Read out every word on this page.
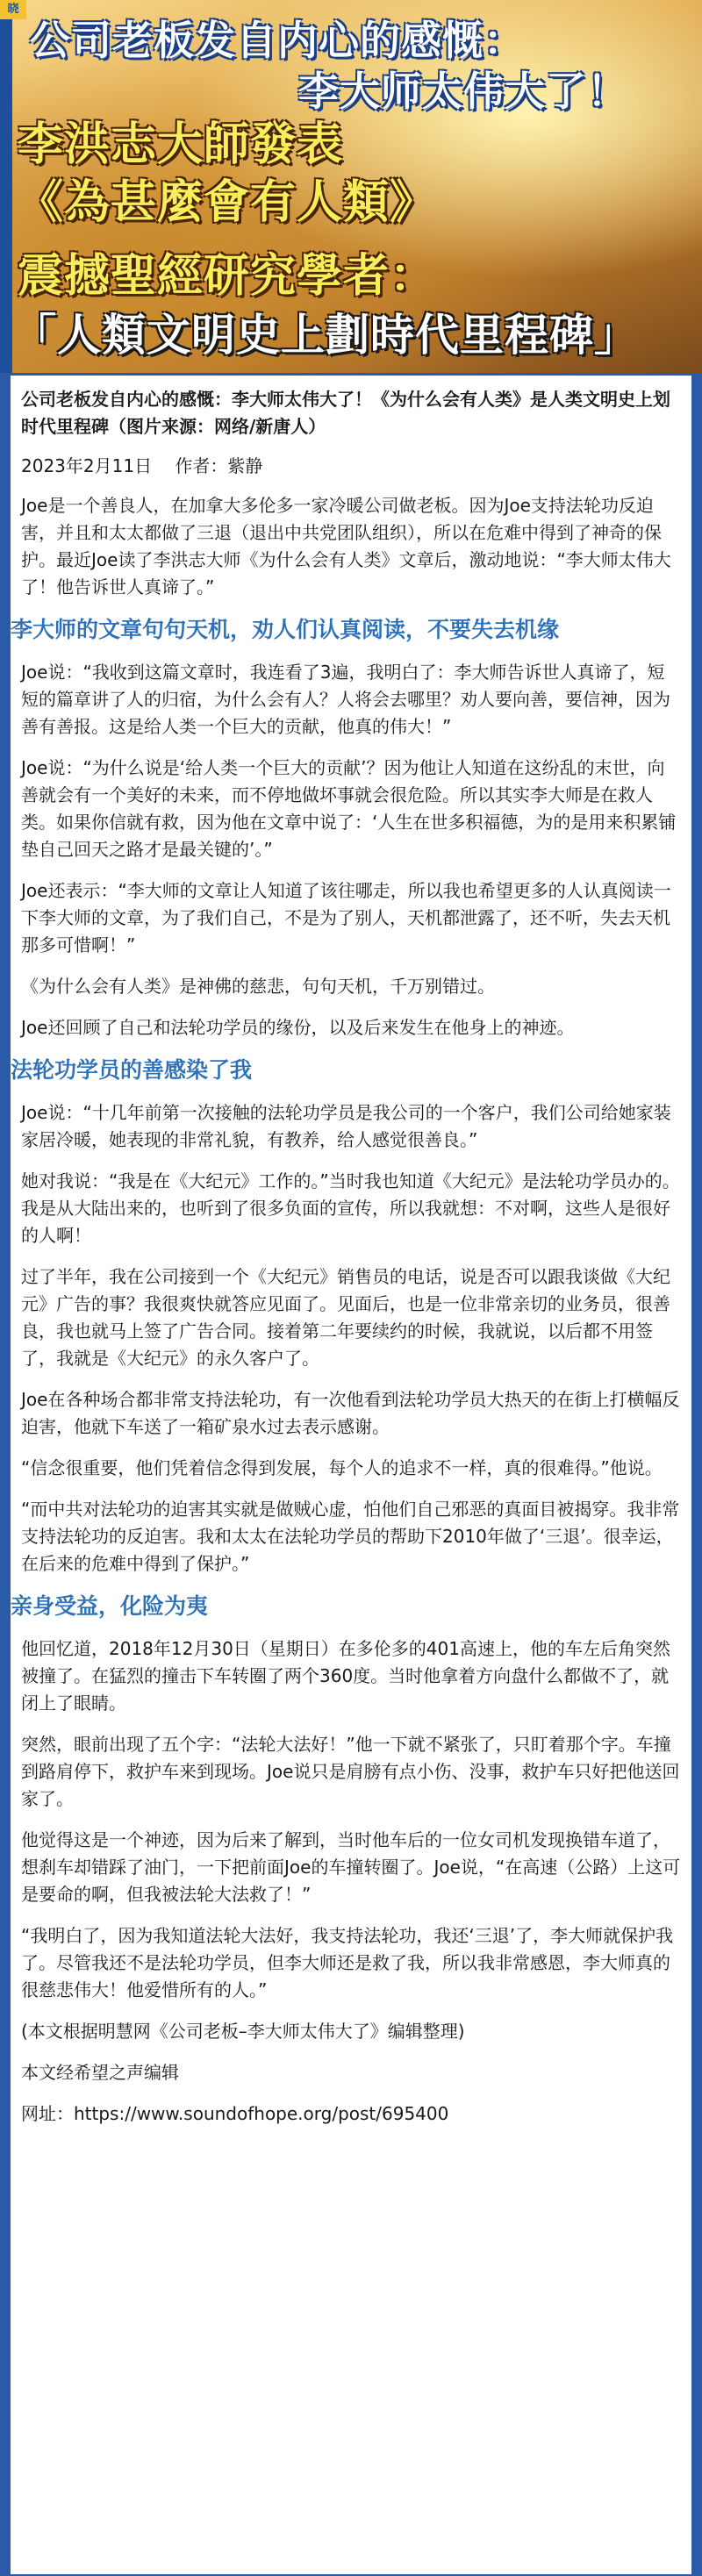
晓

公司老板发自内心的感慨：

李大师太伟大了！

李洪志大師發表

《為甚麼會有人類》

震撼聖經研究學者：

「人類文明史上劃時代里程碑」

公司老板发自内心的感慨：李大师太伟大了！《为什么会有人类》是人类文明史上划时代里程碑（图片来源：网络/新唐人）

2023年2月11日　 作者：紫静

Joe是一个善良人，在加拿大多伦多一家冷暖公司做老板。因为Joe支持法轮功反迫害，并且和太太都做了三退（退出中共党团队组织），所以在危难中得到了神奇的保护。最近Joe读了李洪志大师《为什么会有人类》文章后，激动地说：“李大师太伟大了！他告诉世人真谛了。”

李大师的文章句句天机，劝人们认真阅读，不要失去机缘

Joe说：“我收到这篇文章时，我连看了3遍，我明白了：李大师告诉世人真谛了，短短的篇章讲了人的归宿，为什么会有人？人将会去哪里？劝人要向善，要信神，因为善有善报。这是给人类一个巨大的贡献，他真的伟大！”

Joe说：“为什么说是‘给人类一个巨大的贡献’？因为他让人知道在这纷乱的末世，向善就会有一个美好的未来，而不停地做坏事就会很危险。所以其实李大师是在救人类。如果你信就有救，因为他在文章中说了：‘人生在世多积福德，为的是用来积累铺垫自己回天之路才是最关键的’。”

Joe还表示：“李大师的文章让人知道了该往哪走，所以我也希望更多的人认真阅读一下李大师的文章，为了我们自己，不是为了别人，天机都泄露了，还不听，失去天机那多可惜啊！”

《为什么会有人类》是神佛的慈悲，句句天机，千万别错过。

Joe还回顾了自己和法轮功学员的缘份，以及后来发生在他身上的神迹。

法轮功学员的善感染了我

Joe说：“十几年前第一次接触的法轮功学员是我公司的一个客户，我们公司给她家装家居冷暖，她表现的非常礼貌，有教养，给人感觉很善良。”

她对我说：“我是在《大纪元》工作的。”当时我也知道《大纪元》是法轮功学员办的。我是从大陆出来的，也听到了很多负面的宣传，所以我就想：不对啊，这些人是很好的人啊！

过了半年，我在公司接到一个《大纪元》销售员的电话，说是否可以跟我谈做《大纪元》广告的事？我很爽快就答应见面了。见面后，也是一位非常亲切的业务员，很善良，我也就马上签了广告合同。接着第二年要续约的时候，我就说，以后都不用签了，我就是《大纪元》的永久客户了。

Joe在各种场合都非常支持法轮功，有一次他看到法轮功学员大热天的在街上打横幅反迫害，他就下车送了一箱矿泉水过去表示感谢。

“信念很重要，他们凭着信念得到发展，每个人的追求不一样，真的很难得。”他说。

“而中共对法轮功的迫害其实就是做贼心虚，怕他们自己邪恶的真面目被揭穿。我非常支持法轮功的反迫害。我和太太在法轮功学员的帮助下2010年做了‘三退’。很幸运，在后来的危难中得到了保护。”

亲身受益，化险为夷

他回忆道，2018年12月30日（星期日）在多伦多的401高速上，他的车左后角突然被撞了。在猛烈的撞击下车转圈了两个360度。当时他拿着方向盘什么都做不了，就闭上了眼睛。

突然，眼前出现了五个字：“法轮大法好！”他一下就不紧张了，只盯着那个字。车撞到路肩停下，救护车来到现场。Joe说只是肩膀有点小伤、没事，救护车只好把他送回家了。

他觉得这是一个神迹，因为后来了解到，当时他车后的一位女司机发现换错车道了，想刹车却错踩了油门，一下把前面Joe的车撞转圈了。Joe说，“在高速（公路）上这可是要命的啊，但我被法轮大法救了！”

“我明白了，因为我知道法轮大法好，我支持法轮功，我还‘三退’了，李大师就保护我了。尽管我还不是法轮功学员，但李大师还是救了我，所以我非常感恩，李大师真的很慈悲伟大！他爱惜所有的人。”

(本文根据明慧网《公司老板–李大师太伟大了》编辑整理)

本文经希望之声编辑

网址：https://www.soundofhope.org/post/695400
